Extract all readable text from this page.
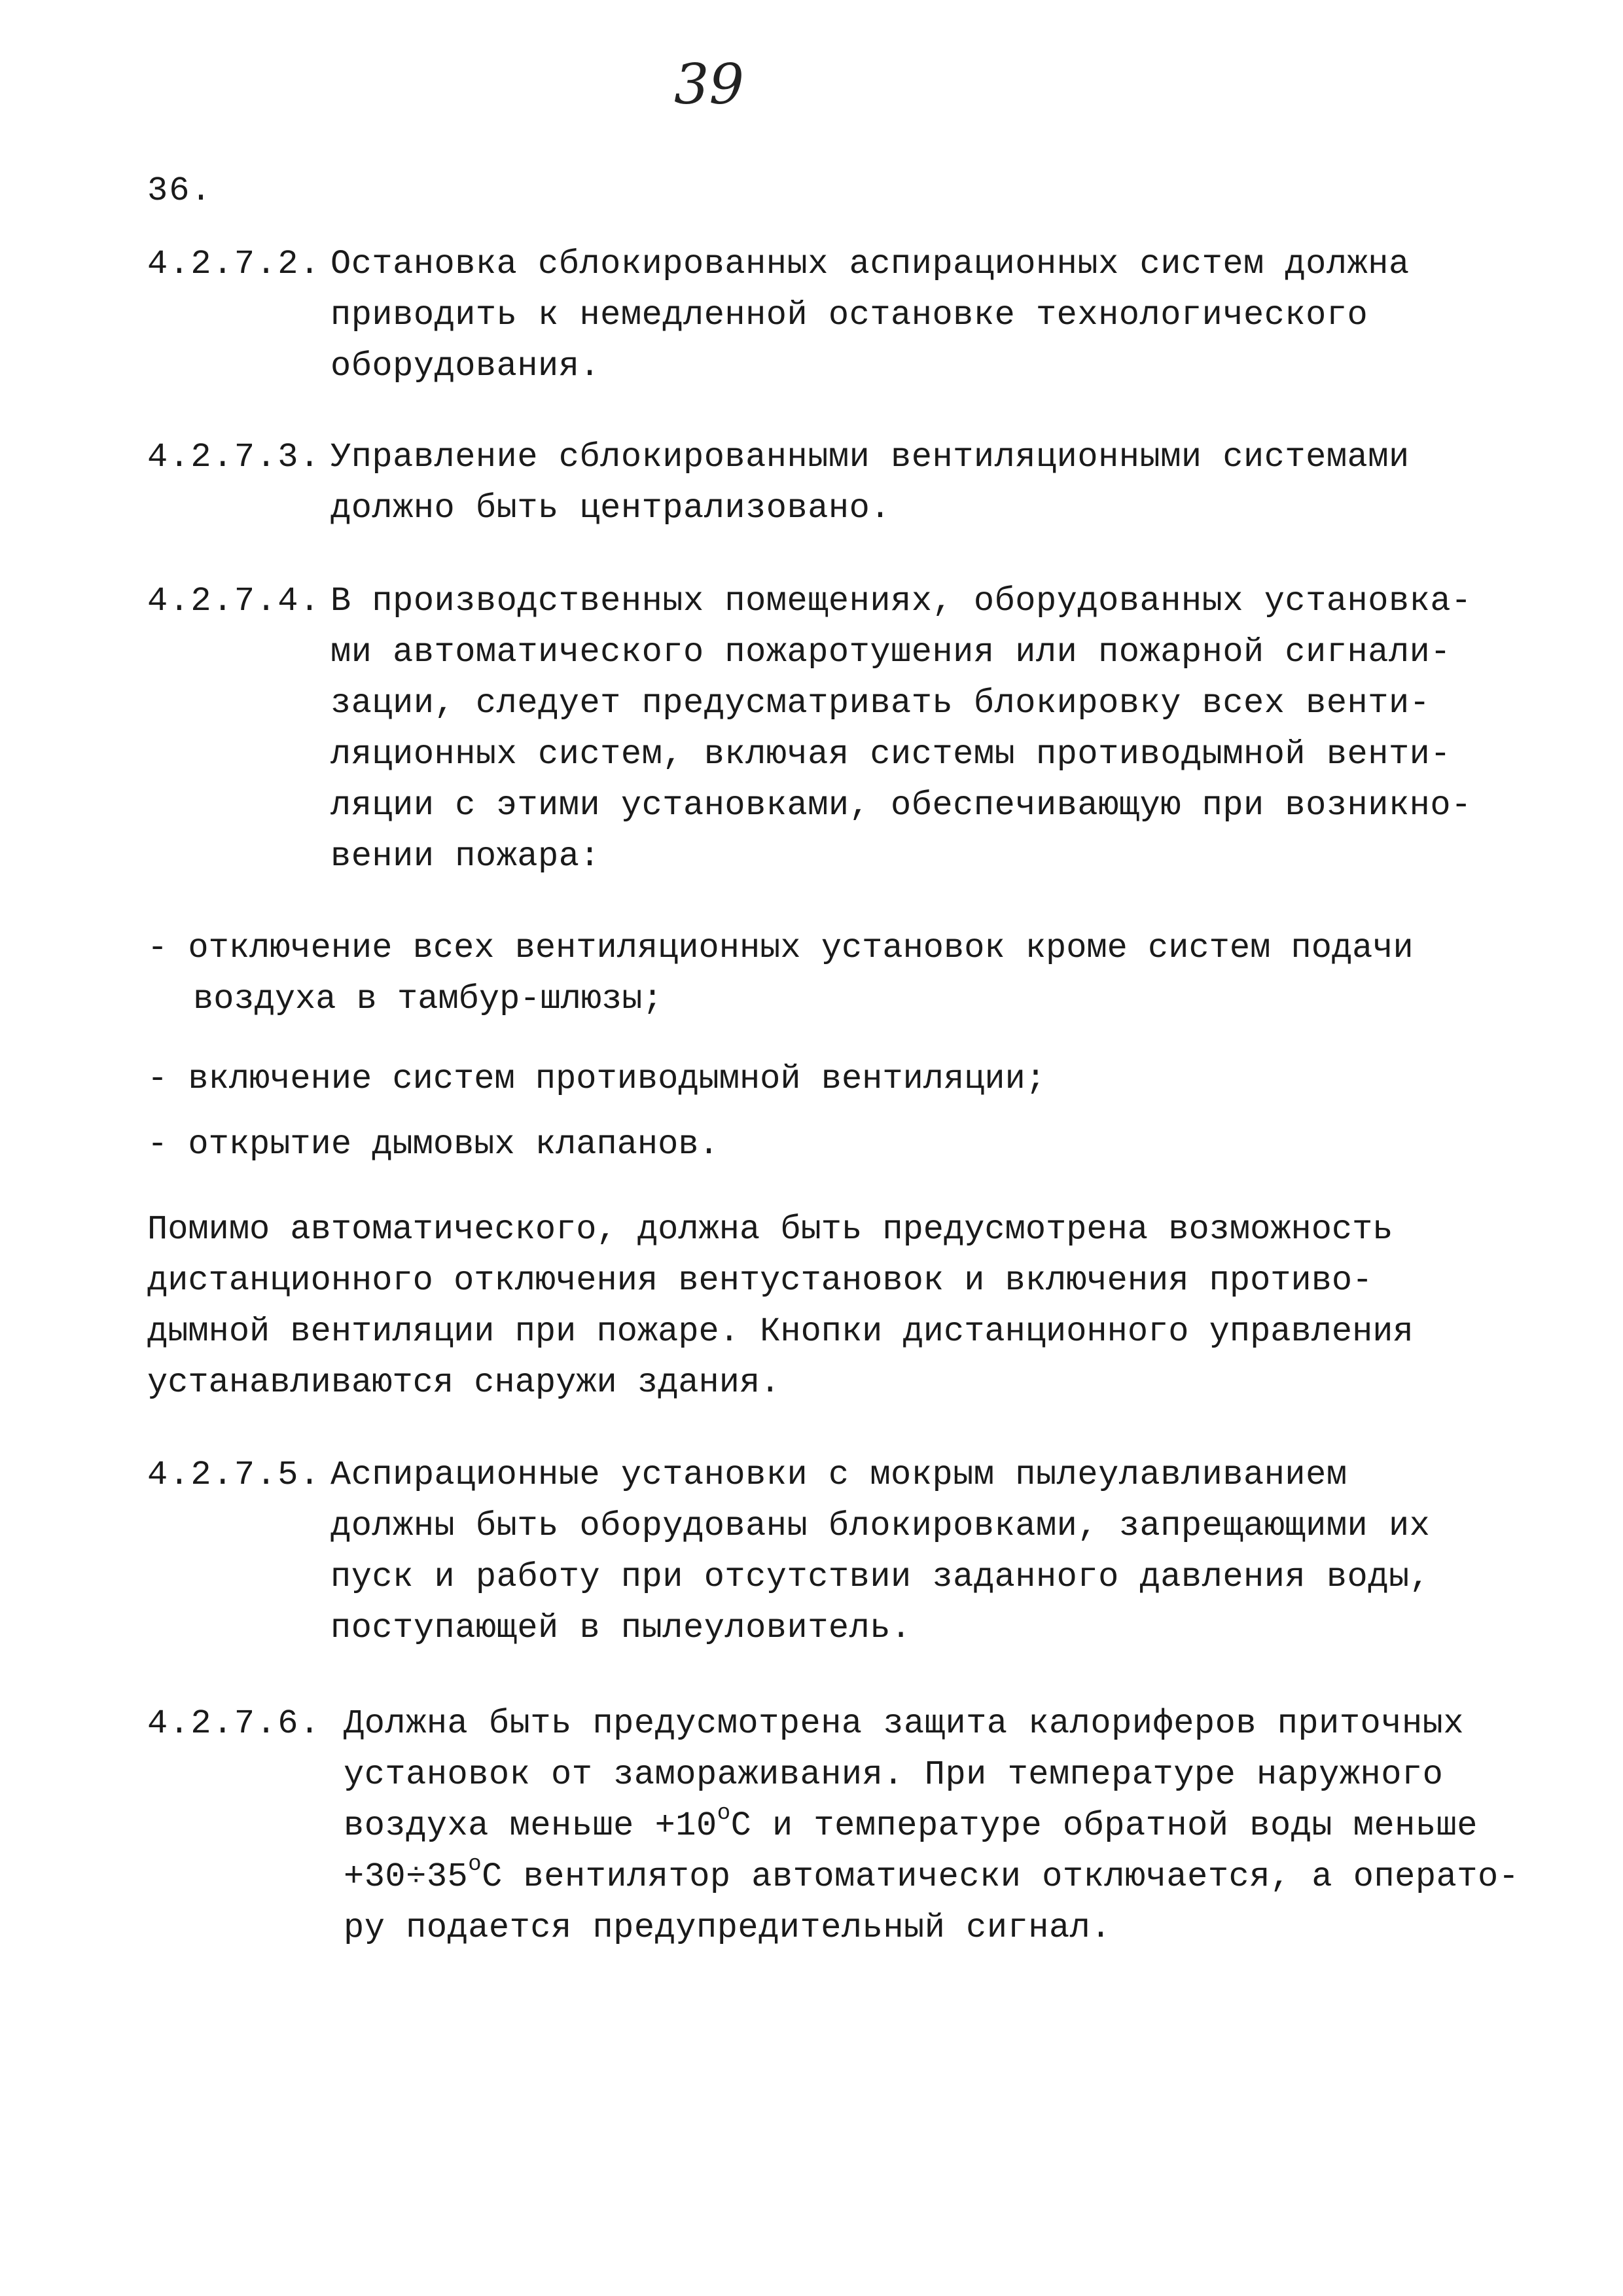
39
36.
4.2.7.2. Остановка сблокированных аспирационных систем должна
приводить к немедленной остановке технологического
оборудования.
4.2.7.3. Управление сблокированными вентиляционными системами
должно быть централизовано.
4.2.7.4. В производственных помещениях, оборудованных установка-
ми автоматического пожаротушения или пожарной сигнали-
зации, следует предусматривать блокировку всех венти-
ляционных систем, включая системы противодымной венти-
ляции с этими установками, обеспечивающую при возникно-
вении пожара:
- отключение всех вентиляционных установок кроме систем подачи
воздуха в тамбур-шлюзы;
- включение систем противодымной вентиляции;
- открытие дымовых клапанов.
Помимо автоматического, должна быть предусмотрена возможность
дистанционного отключения вентустановок и включения противо-
дымной вентиляции при пожаре. Кнопки дистанционного управления
устанавливаются снаружи здания.
4.2.7.5. Аспирационные установки с мокрым пылеулавливанием
должны быть оборудованы блокировками, запрещающими их
пуск и работу при отсутствии заданного давления воды,
поступающей в пылеуловитель.
4.2.7.6. Должна быть предусмотрена защита калориферов приточных
установок от замораживания. При температуре наружного
воздуха меньше $+10^оС$ и температуре обратной воды меньше
$+30\div 35^оС$ вентилятор автоматически отключается, а операто-
ру подается предупредительный сигнал.
